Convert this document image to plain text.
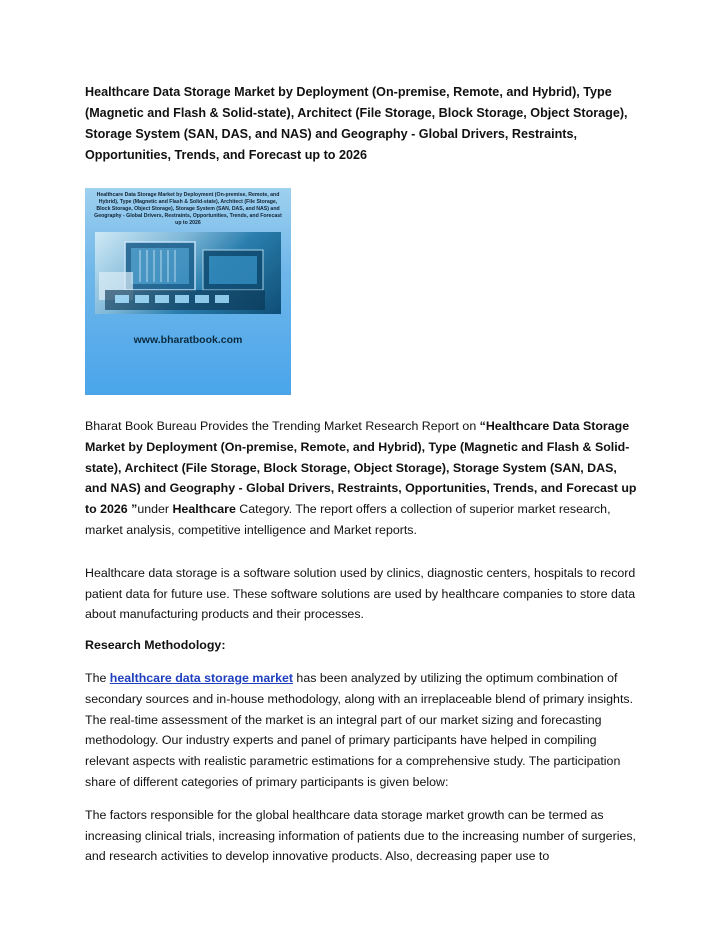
Healthcare Data Storage Market by Deployment (On-premise, Remote, and Hybrid), Type (Magnetic and Flash & Solid-state), Architect (File Storage, Block Storage, Object Storage), Storage System (SAN, DAS, and NAS) and Geography - Global Drivers, Restraints, Opportunities, Trends, and Forecast up to 2026
Healthcare Data Storage Market by Deployment (On-premise, Remote, and Hybrid), Type (Magnetic and Flash & Solid-state), Architect (File Storage, Block Storage, Object Storage), Storage System (SAN, DAS, and NAS) and Geography - Global Drivers, Restraints, Opportunities, Trends, and Forecast up to 2026
www.bharatbook.com

Bharat Book Bureau Provides the Trending Market Research Report on “Healthcare Data Storage Market by Deployment (On-premise, Remote, and Hybrid), Type (Magnetic and Flash & Solid-state), Architect (File Storage, Block Storage, Object Storage), Storage System (SAN, DAS, and NAS) and Geography - Global Drivers, Restraints, Opportunities, Trends, and Forecast up to 2026 ”under Healthcare Category. The report offers a collection of superior market research, market analysis, competitive intelligence and Market reports.

Healthcare data storage is a software solution used by clinics, diagnostic centers, hospitals to record patient data for future use. These software solutions are used by healthcare companies to store data about manufacturing products and their processes.

Research Methodology:

The healthcare data storage market has been analyzed by utilizing the optimum combination of secondary sources and in-house methodology, along with an irreplaceable blend of primary insights. The real-time assessment of the market is an integral part of our market sizing and forecasting methodology. Our industry experts and panel of primary participants have helped in compiling relevant aspects with realistic parametric estimations for a comprehensive study. The participation share of different categories of primary participants is given below:

The factors responsible for the global healthcare data storage market growth can be termed as increasing clinical trials, increasing information of patients due to the increasing number of surgeries, and research activities to develop innovative products. Also, decreasing paper use to
